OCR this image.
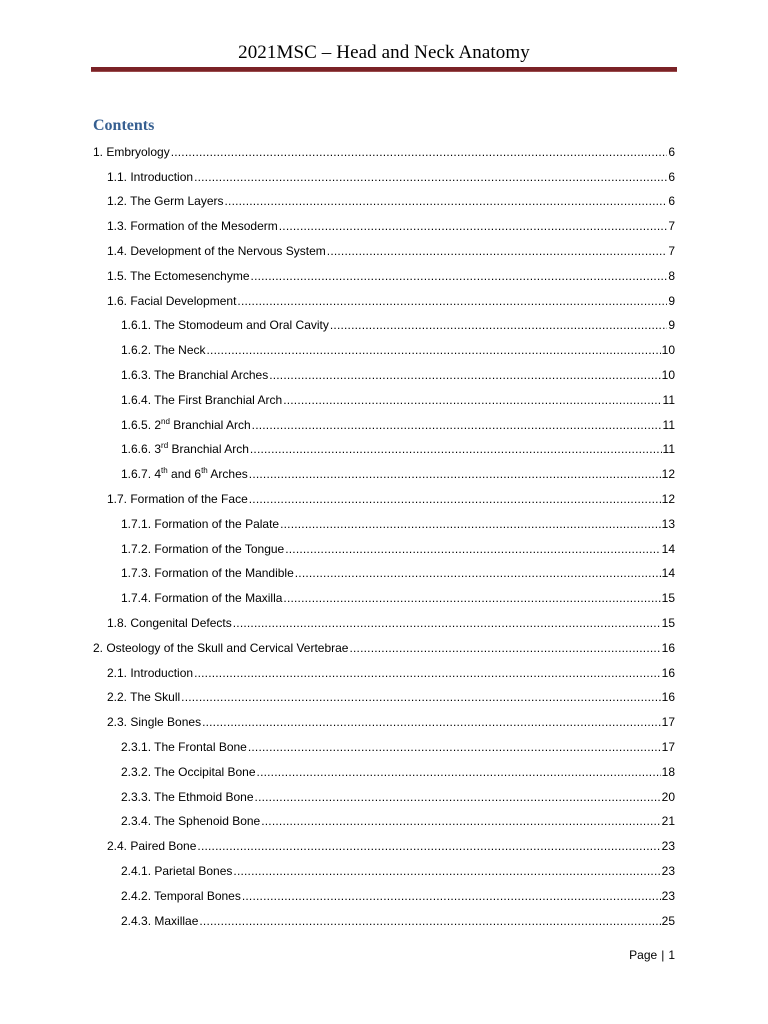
2021MSC – Head and Neck Anatomy
Contents
1. Embryology .....	6
1.1. Introduction .....	6
1.2. The Germ Layers .....	6
1.3. Formation of the Mesoderm .....	7
1.4. Development of the Nervous System .....	7
1.5. The Ectomesenchyme .....	8
1.6. Facial Development .....	9
1.6.1. The Stomodeum and Oral Cavity .....	9
1.6.2. The Neck .....	10
1.6.3. The Branchial Arches .....	10
1.6.4. The First Branchial Arch .....	11
1.6.5. 2nd Branchial Arch .....	11
1.6.6. 3rd Branchial Arch .....	11
1.6.7. 4th and 6th Arches .....	12
1.7. Formation of the Face .....	12
1.7.1. Formation of the Palate .....	13
1.7.2. Formation of the Tongue .....	14
1.7.3. Formation of the Mandible .....	14
1.7.4. Formation of the Maxilla .....	15
1.8. Congenital Defects .....	15
2. Osteology of the Skull and Cervical Vertebrae .....	16
2.1. Introduction .....	16
2.2. The Skull .....	16
2.3. Single Bones .....	17
2.3.1. The Frontal Bone .....	17
2.3.2. The Occipital Bone .....	18
2.3.3. The Ethmoid Bone .....	20
2.3.4. The Sphenoid Bone .....	21
2.4. Paired Bone .....	23
2.4.1. Parietal Bones .....	23
2.4.2. Temporal Bones .....	23
2.4.3. Maxillae .....	25
Page | 1
